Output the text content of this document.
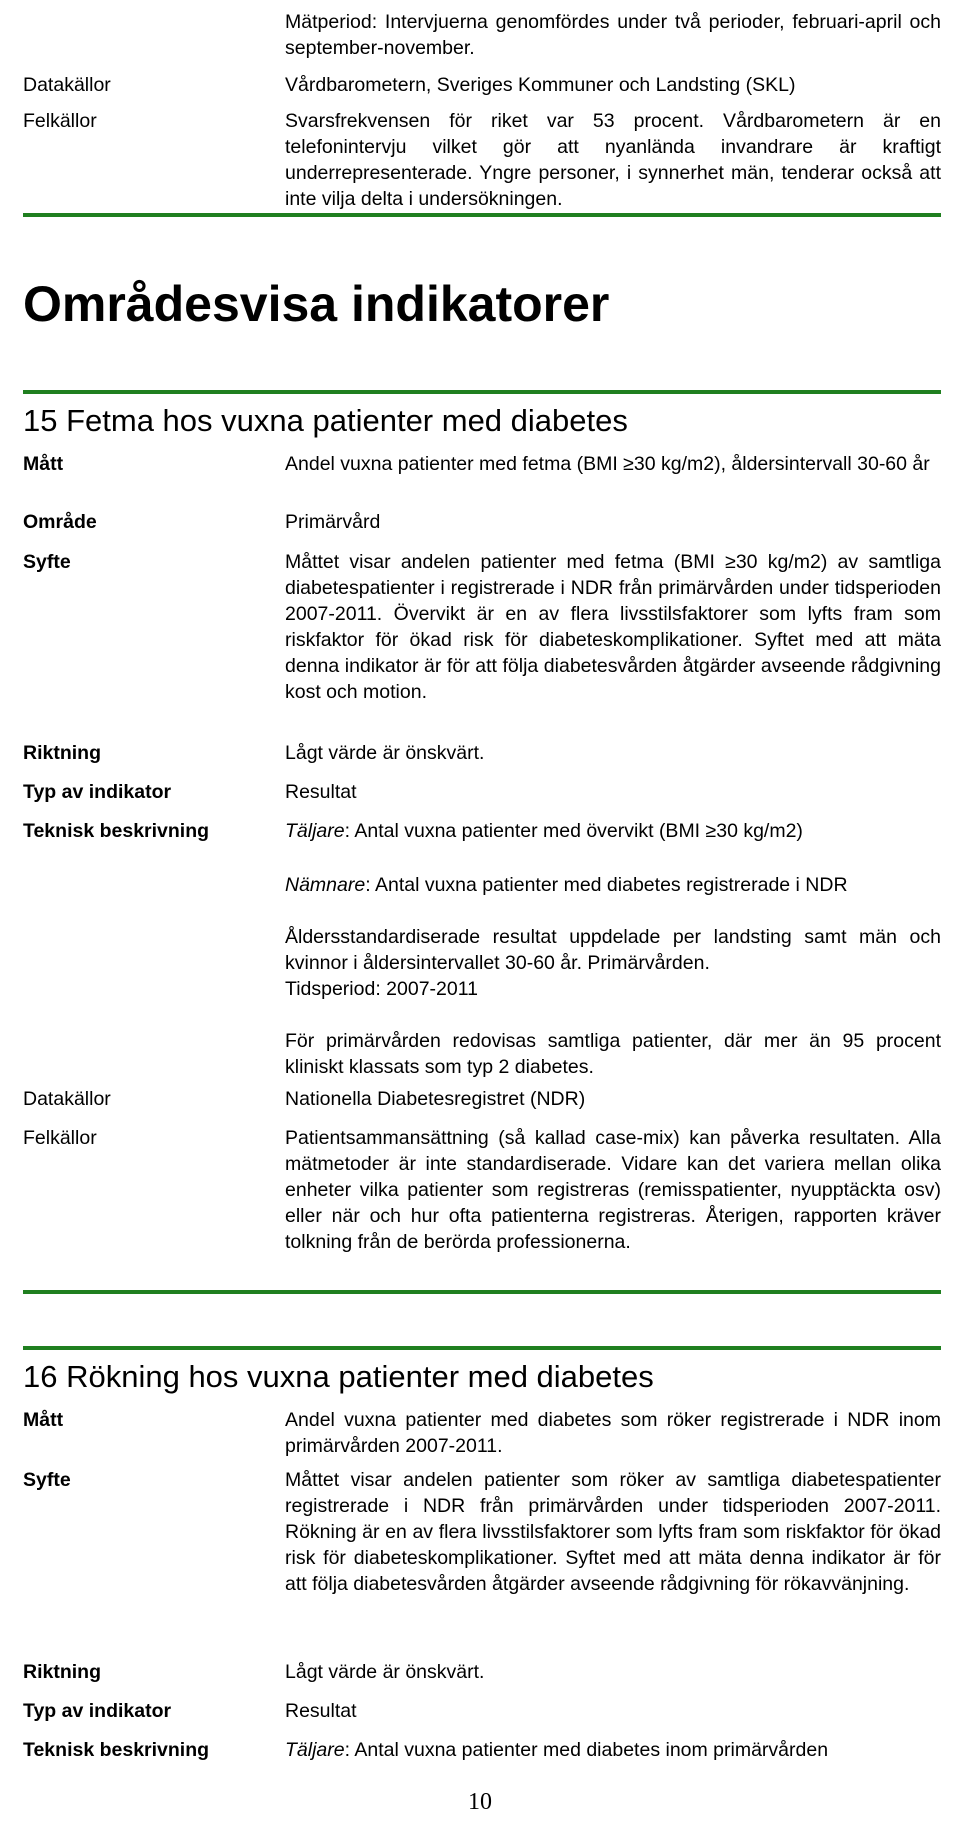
Mätperiod: Intervjuerna genomfördes under två perioder, februari-april och september-november.
Datakällor	Vårdbarometern, Sveriges Kommuner och Landsting (SKL)
Felkällor	Svarsfrekvensen för riket var 53 procent. Vårdbarometern är en telefonintervju vilket gör att nyanlända invandrare är kraftigt underrepresenterade. Yngre personer, i synnerhet män, tenderar också att inte vilja delta i undersökningen.
Områdesvisa indikatorer
15 Fetma hos vuxna patienter med diabetes
Mått	Andel vuxna patienter med fetma (BMI ≥30 kg/m2), åldersintervall 30-60 år
Område	Primärvård
Syfte	Måttet visar andelen patienter med fetma (BMI ≥30 kg/m2) av samtliga diabetespatienter i registrerade i NDR från primärvården under tidsperioden 2007-2011. Övervikt är en av flera livsstilsfaktorer som lyfts fram som riskfaktor för ökad risk för diabeteskomplikationer. Syftet med att mäta denna indikator är för att följa diabetesvården åtgärder avseende rådgivning kost och motion.
Riktning	Lågt värde är önskvärt.
Typ av indikator	Resultat
Teknisk beskrivning	Täljare: Antal vuxna patienter med övervikt (BMI ≥30 kg/m2)
Nämnare: Antal vuxna patienter med diabetes registrerade i NDR
Åldersstandardiserade resultat uppdelade per landsting samt män och kvinnor i åldersintervallet 30-60 år. Primärvården.
Tidsperiod: 2007-2011
För primärvården redovisas samtliga patienter, där mer än 95 procent kliniskt klassats som typ 2 diabetes.
Datakällor	Nationella Diabetesregistret (NDR)
Felkällor	Patientsammansättning (så kallad case-mix) kan påverka resultaten. Alla mätmetoder är inte standardiserade. Vidare kan det variera mellan olika enheter vilka patienter som registreras (remisspatienter, nyupptäckta osv) eller när och hur ofta patienterna registreras. Återigen, rapporten kräver tolkning från de berörda professionerna.
16 Rökning hos vuxna patienter med diabetes
Mått	Andel vuxna patienter med diabetes som röker registrerade i NDR inom primärvården 2007-2011.
Syfte	Måttet visar andelen patienter som röker av samtliga diabetespatienter registrerade i NDR från primärvården under tidsperioden 2007-2011. Rökning är en av flera livsstilsfaktorer som lyfts fram som riskfaktor för ökad risk för diabeteskomplikationer. Syftet med att mäta denna indikator är för att följa diabetesvården åtgärder avseende rådgivning för rökavvänjning.
Riktning	Lågt värde är önskvärt.
Typ av indikator	Resultat
Teknisk beskrivning	Täljare: Antal vuxna patienter med diabetes inom primärvården
10
